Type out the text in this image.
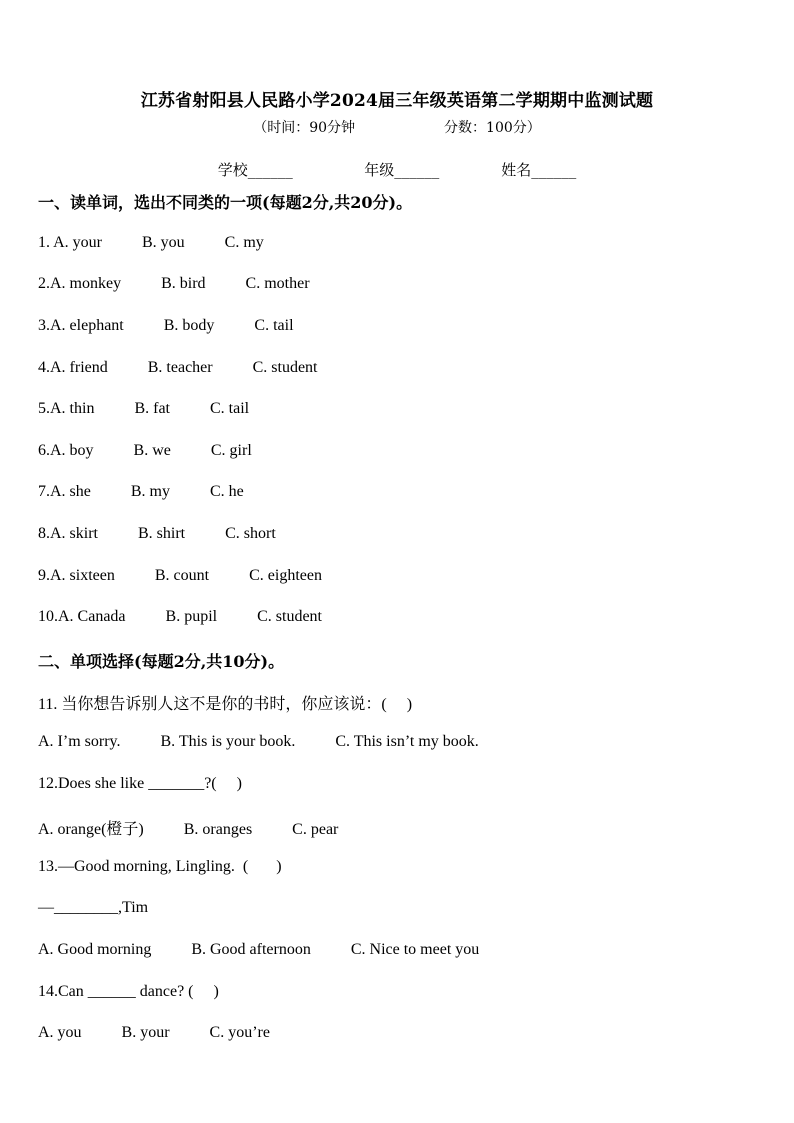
江苏省射阳县人民路小学2024届三年级英语第二学期期中监测试题
（时间：90分钟                    分数：100分）
学校______               年级______             姓名______
一、读单词，选出不同类的一项(每题2分,共20分)。
1. A. your          B. you          C. my
2.A. monkey          B. bird          C. mother
3.A. elephant          B. body          C. tail
4.A. friend          B. teacher          C. student
5.A. thin          B. fat          C. tail
6.A. boy          B. we          C. girl
7.A. she          B. my          C. he
8.A. skirt          B. shirt          C. short
9.A. sixteen          B. count          C. eighteen
10.A. Canada          B. pupil          C. student
二、单项选择(每题2分,共10分)。
11. 当你想告诉别人这不是你的书时，你应该说：(     )
A. I’m sorry.          B. This is your book.          C. This isn’t my book.
12.Does she like _______?(     )
A. orange(橙子)          B. oranges          C. pear
13.—Good morning, Lingling.  (       )
—________,Tim
A. Good morning          B. Good afternoon          C. Nice to meet you
14.Can ______ dance? (     )
A. you          B. your          C. you’re
